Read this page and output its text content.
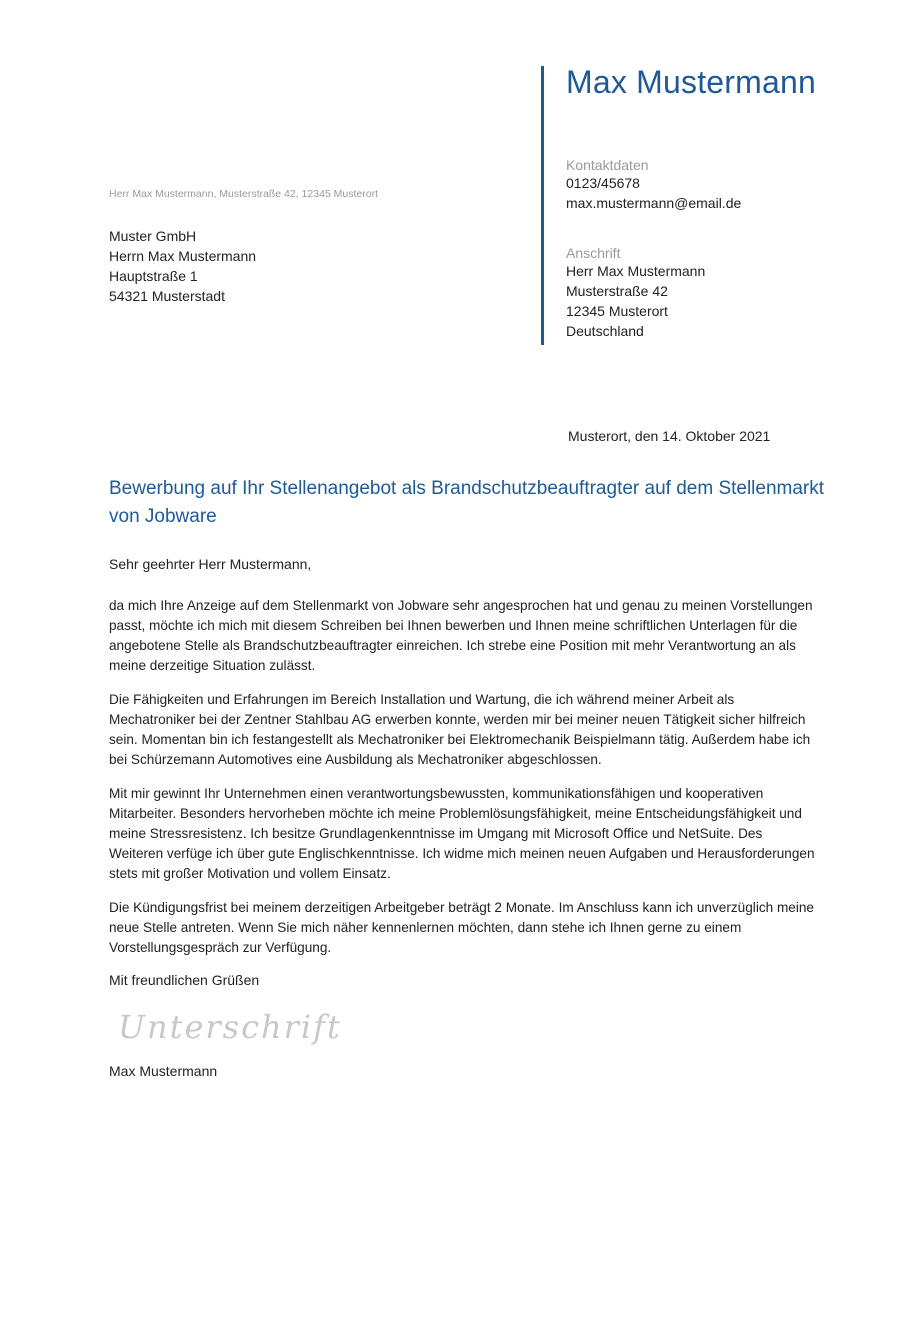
Max Mustermann
Kontaktdaten
0123/45678
max.mustermann@email.de
Anschrift
Herr Max Mustermann
Musterstraße 42
12345 Musterort
Deutschland
Herr Max Mustermann, Musterstraße 42, 12345 Musterort
Muster GmbH
Herrn Max Mustermann
Hauptstraße 1
54321 Musterstadt
Musterort, den 14. Oktober 2021
Bewerbung auf Ihr Stellenangebot als Brandschutzbeauftragter auf dem Stellenmarkt von Jobware
Sehr geehrter Herr Mustermann,

da mich Ihre Anzeige auf dem Stellenmarkt von Jobware sehr angesprochen hat und genau zu meinen Vorstellungen passt, möchte ich mich mit diesem Schreiben bei Ihnen bewerben und Ihnen meine schriftlichen Unterlagen für die angebotene Stelle als Brandschutzbeauftragter einreichen. Ich strebe eine Position mit mehr Verantwortung an als meine derzeitige Situation zulässt.

Die Fähigkeiten und Erfahrungen im Bereich Installation und Wartung, die ich während meiner Arbeit als Mechatroniker bei der Zentner Stahlbau AG erwerben konnte, werden mir bei meiner neuen Tätigkeit sicher hilfreich sein. Momentan bin ich festangestellt als Mechatroniker bei Elektromechanik Beispielmann tätig. Außerdem habe ich bei Schürzemann Automotives eine Ausbildung als Mechatroniker abgeschlossen.

Mit mir gewinnt Ihr Unternehmen einen verantwortungsbewussten, kommunikationsfähigen und kooperativen Mitarbeiter. Besonders hervorheben möchte ich meine Problemlösungsfähigkeit, meine Entscheidungsfähigkeit und meine Stressresistenz. Ich besitze Grundlagenkenntnisse im Umgang mit Microsoft Office und NetSuite. Des Weiteren verfüge ich über gute Englischkenntnisse. Ich widme mich meinen neuen Aufgaben und Herausforderungen stets mit großer Motivation und vollem Einsatz.

Die Kündigungsfrist bei meinem derzeitigen Arbeitgeber beträgt 2 Monate. Im Anschluss kann ich unverzüglich meine neue Stelle antreten. Wenn Sie mich näher kennenlernen möchten, dann stehe ich Ihnen gerne zu einem Vorstellungsgespräch zur Verfügung.

Mit freundlichen Grüßen
Unterschrift
Max Mustermann
